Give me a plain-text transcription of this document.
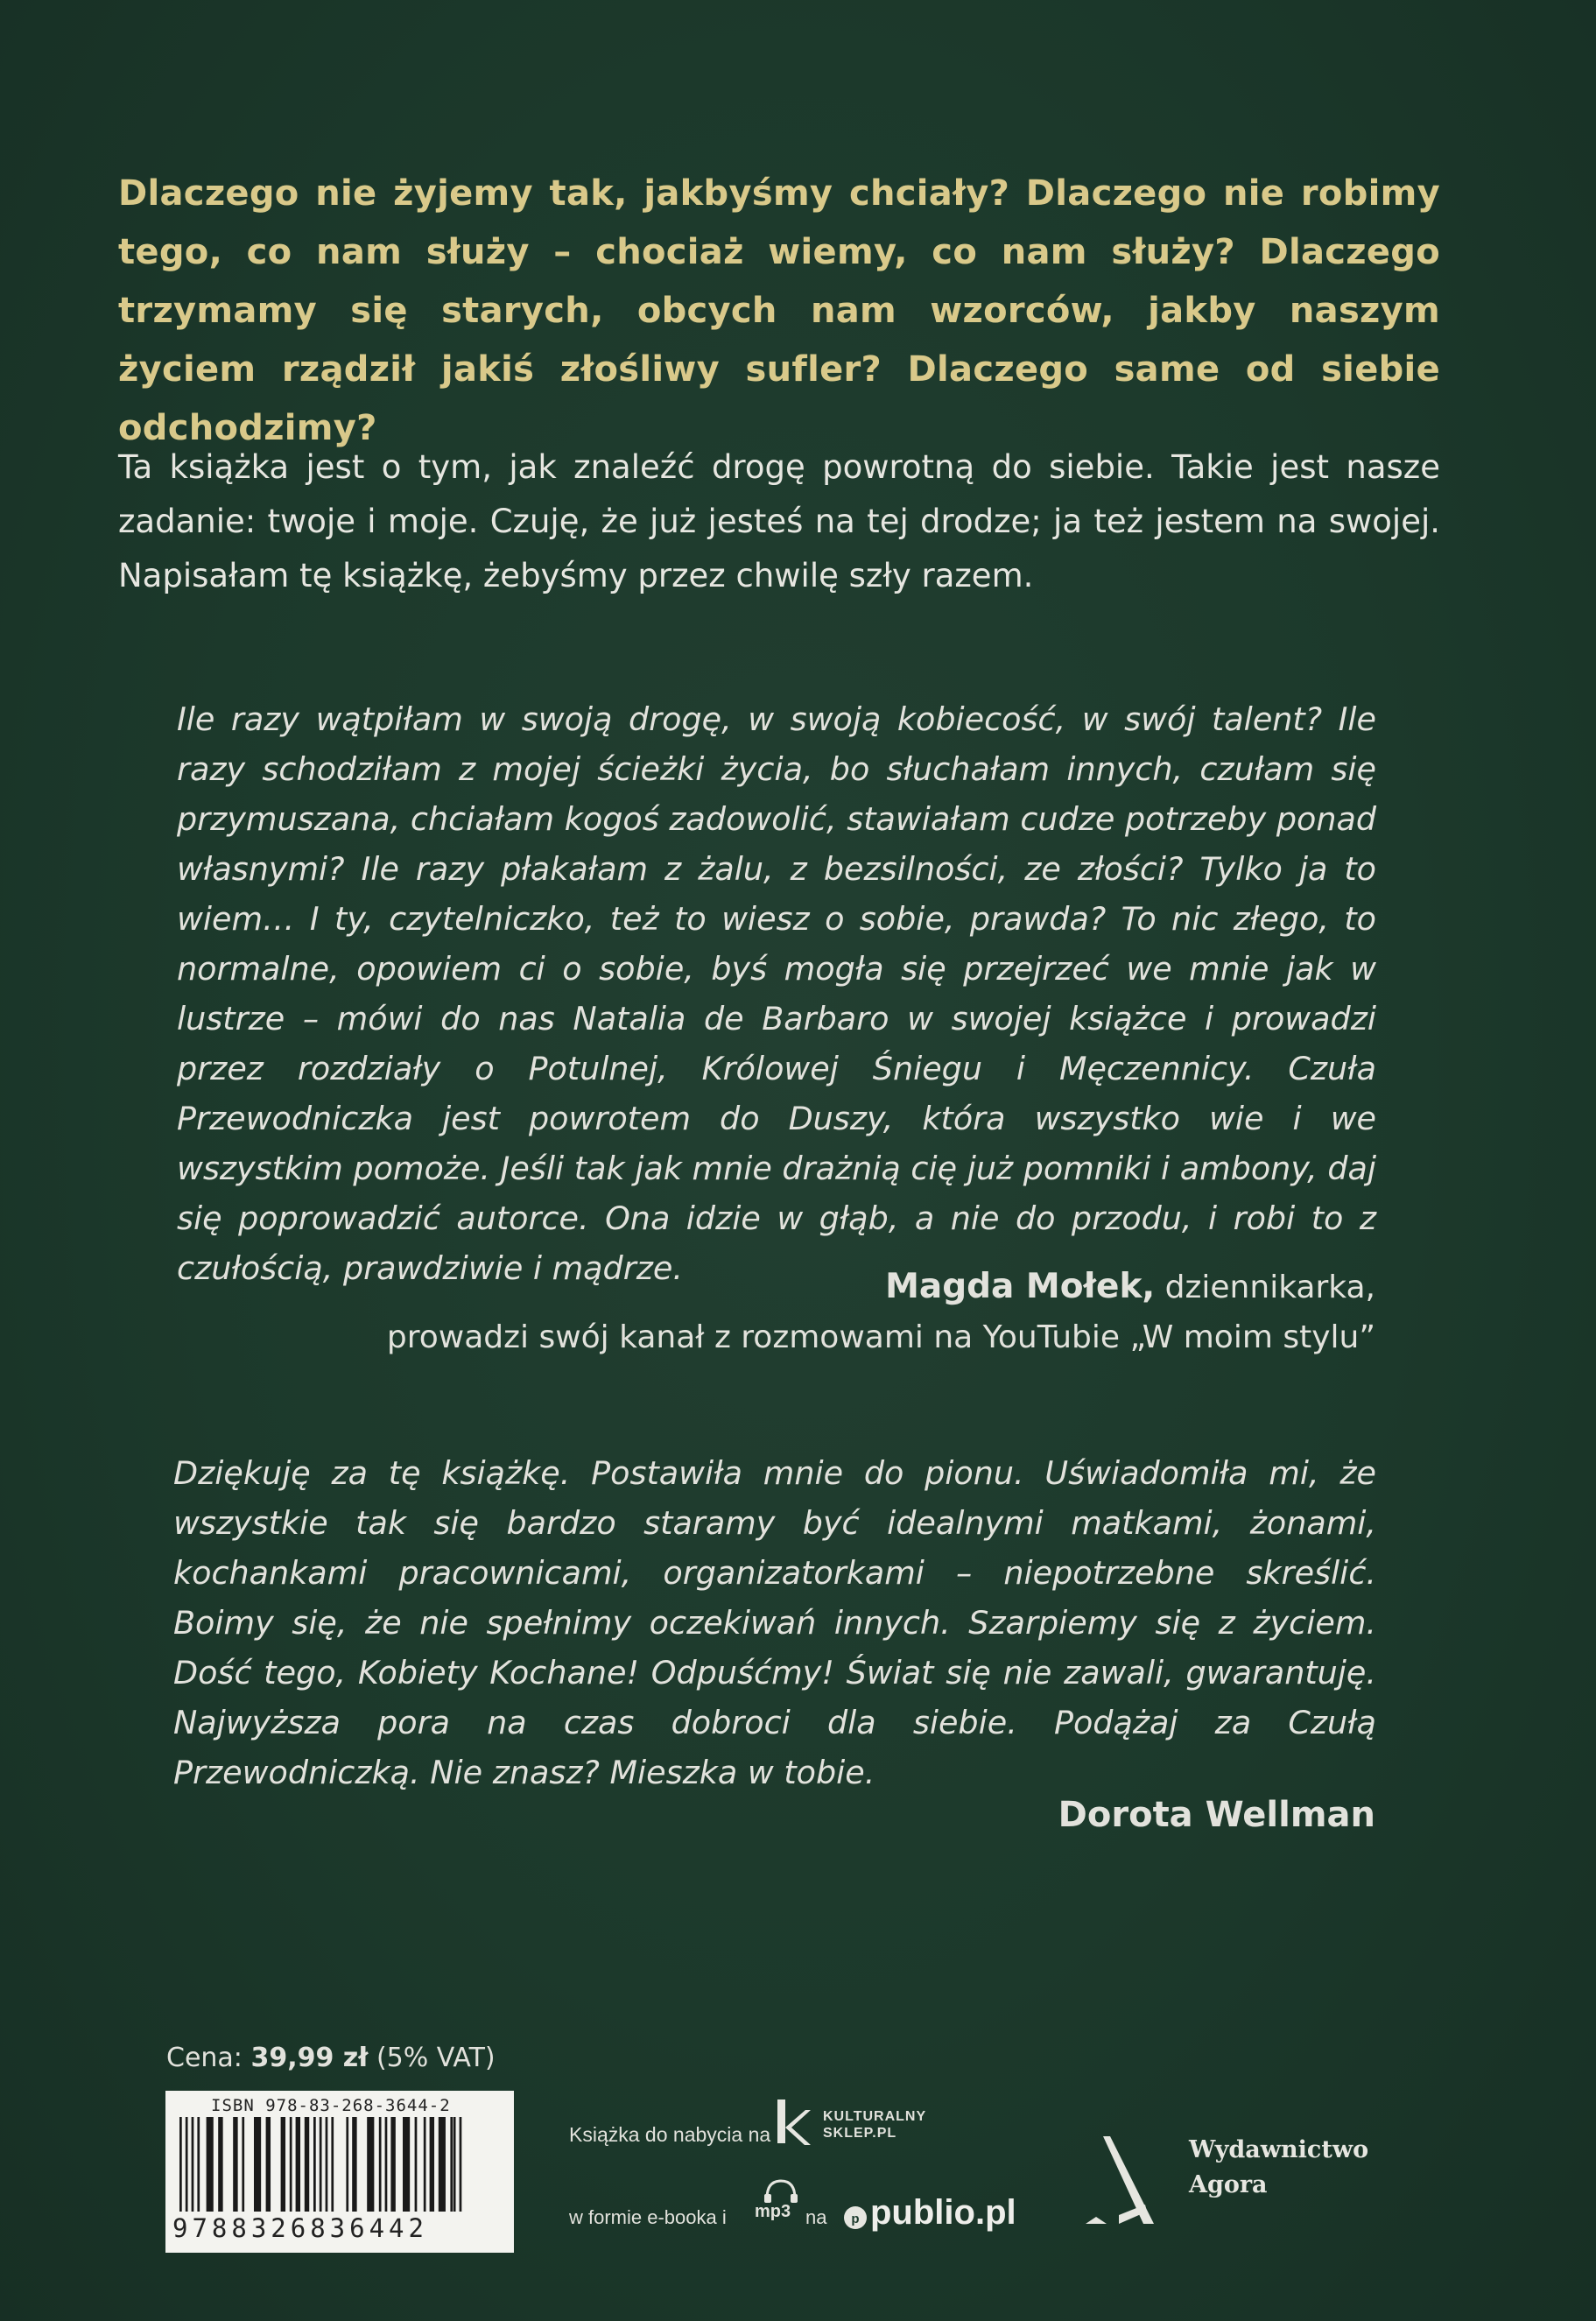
Dlaczego nie żyjemy tak, jakbyśmy chciały? Dlaczego nie robimy tego, co nam służy – chociaż wiemy, co nam służy? Dlaczego trzymamy się starych, obcych nam wzorców, jakby naszym życiem rządził jakiś złośliwy sufler? Dlaczego same od siebie odchodzimy?

Ta książka jest o tym, jak znaleźć drogę powrotną do siebie. Takie jest nasze zadanie: twoje i moje. Czuję, że już jesteś na tej drodze; ja też jestem na swojej. Napisałam tę książkę, żebyśmy przez chwilę szły razem.

Ile razy wątpiłam w swoją drogę, w swoją kobiecość, w swój talent? Ile razy schodziłam z mojej ścieżki życia, bo słuchałam innych, czułam się przymuszana, chciałam kogoś zadowolić, stawiałam cudze potrzeby ponad własnymi? Ile razy płakałam z żalu, z bezsilności, ze złości? Tylko ja to wiem… I ty, czytelniczko, też to wiesz o sobie, prawda? To nic złego, to normalne, opowiem ci o sobie, byś mogła się przejrzeć we mnie jak w lustrze – mówi do nas Natalia de Barbaro w swojej książce i prowadzi przez rozdziały o Potulnej, Królowej Śniegu i Męczennicy. Czuła Przewodniczka jest powrotem do Duszy, która wszystko wie i we wszystkim pomoże. Jeśli tak jak mnie drażnią cię już pomniki i ambony, daj się poprowadzić autorce. Ona idzie w głąb, a nie do przodu, i robi to z czułością, prawdziwie i mądrze.	Magda Mołek, dziennikarka,
prowadzi swój kanał z rozmowami na YouTubie „W moim stylu”

Dziękuję za tę książkę. Postawiła mnie do pionu. Uświadomiła mi, że wszystkie tak się bardzo staramy być idealnymi matkami, żonami, kochankami pracownicami, organizatorkami – niepotrzebne skreślić. Boimy się, że nie spełnimy oczekiwań innych. Szarpiemy się z życiem. Dość tego, Kobiety Kochane! Odpuśćmy! Świat się nie zawali, gwarantuję. Najwyższa pora na czas dobroci dla siebie. Podążaj za Czułą Przewodniczką. Nie znasz? Mieszka w tobie.

Dorota Wellman

Cena: 39,99 zł (5% VAT)

ISBN 978-83-268-3644-2
9788326836442

Książka do nabycia na

KULTURALNY
SKLEP.PL

w formie e-booka i mp3 na p publio.pl

Wydawnictwo
Agora
